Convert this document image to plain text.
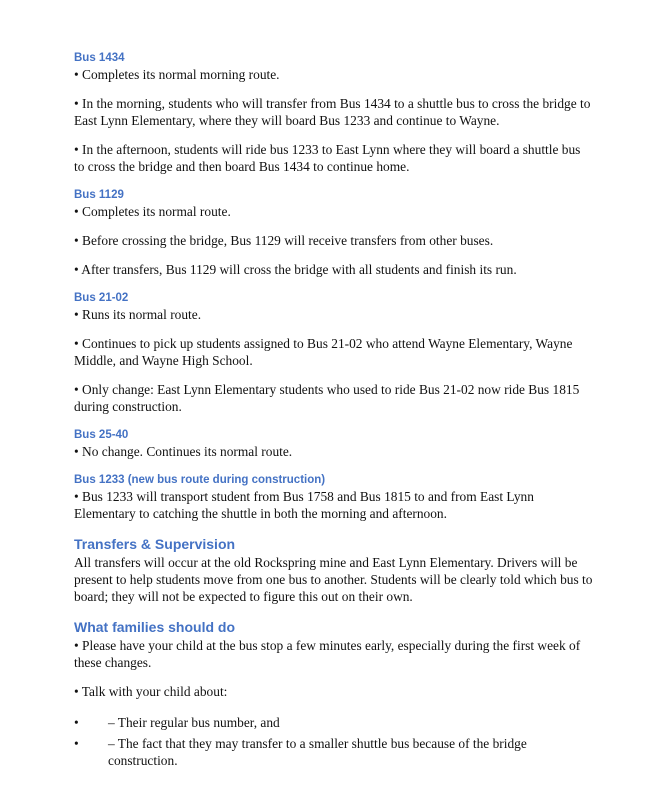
Bus 1434

• Completes its normal morning route.

• In the morning, students who will transfer from Bus 1434 to a shuttle bus to cross the bridge to East Lynn Elementary, where they will board Bus 1233 and continue to Wayne.

• In the afternoon, students will ride bus 1233 to East Lynn where they will board a shuttle bus to cross the bridge and then board Bus 1434 to continue home.

Bus 1129

• Completes its normal route.

• Before crossing the bridge, Bus 1129 will receive transfers from other buses.

• After transfers, Bus 1129 will cross the bridge with all students and finish its run.

Bus 21-02

• Runs its normal route.

• Continues to pick up students assigned to Bus 21-02 who attend Wayne Elementary, Wayne Middle, and Wayne High School.

• Only change: East Lynn Elementary students who used to ride Bus 21-02 now ride Bus 1815 during construction.

Bus 25-40

• No change. Continues its normal route.

Bus 1233 (new bus route during construction)

• Bus 1233 will transport student from Bus 1758 and Bus 1815 to and from East Lynn Elementary to catching the shuttle in both the morning and afternoon.

Transfers & Supervision

All transfers will occur at the old Rockspring mine and East Lynn Elementary. Drivers will be present to help students move from one bus to another. Students will be clearly told which bus to board; they will not be expected to figure this out on their own.

What families should do

• Please have your child at the bus stop a few minutes early, especially during the first week of these changes.

• Talk with your child about:

•	– Their regular bus number, and
•	– The fact that they may transfer to a smaller shuttle bus because of the bridge construction.
